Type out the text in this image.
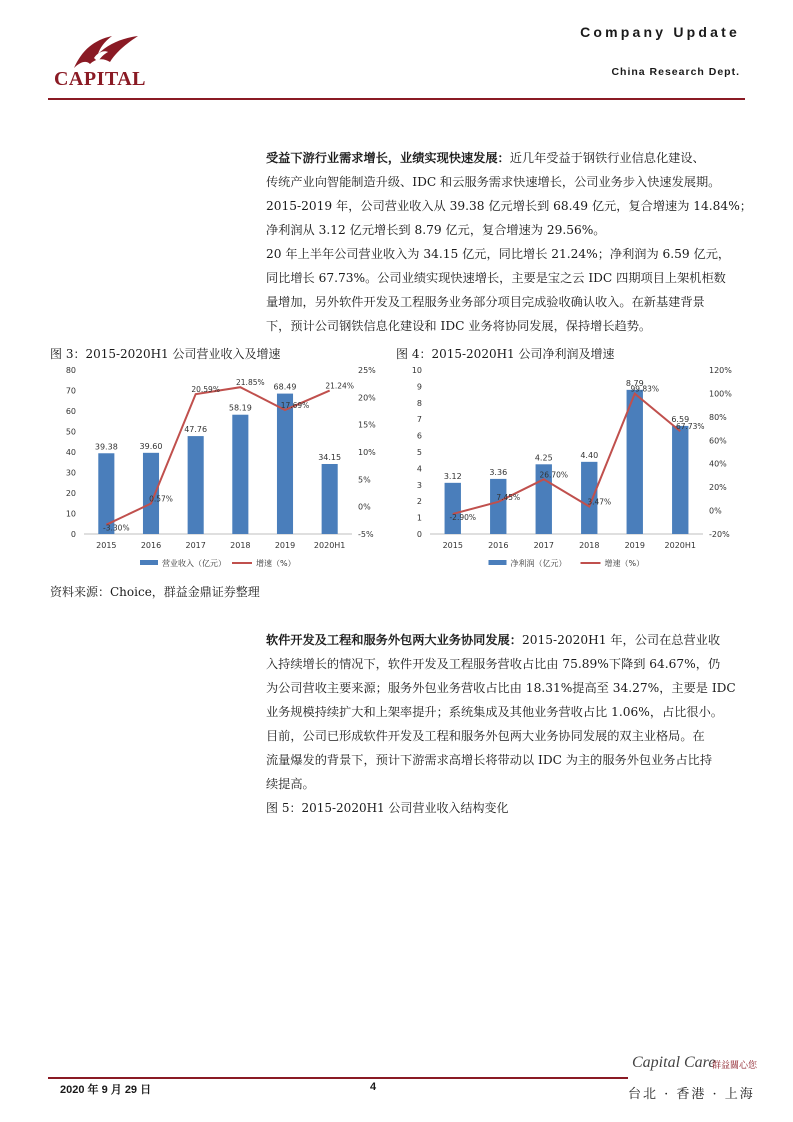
CAPITAL
Company Update
China Research Dept.
受益下游行业需求增长，业绩实现快速发展：近几年受益于钢铁行业信息化建设、
传统产业向智能制造升级、IDC 和云服务需求快速增长，公司业务步入快速发展期。
2015-2019 年，公司营业收入从 39.38 亿元增长到 68.49 亿元，复合增速为 14.84%；
净利润从 3.12 亿元增长到 8.79 亿元，复合增速为 29.56%。
20 年上半年公司营业收入为 34.15 亿元，同比增长 21.24%；净利润为 6.59 亿元，
同比增长 67.73%。公司业绩实现快速增长，主要是宝之云 IDC 四期项目上架机柜数
量增加，另外软件开发及工程服务业务部分项目完成验收确认收入。在新基建背景
下，预计公司钢铁信息化建设和 IDC 业务将协同发展，保持增长趋势。
图 3：2015-2020H1 公司营业收入及增速	图 4：2015-2020H1 公司净利润及增速
0
10
20
30
40
50
60
70
80
-5%
0%
5%
10%
15%
20%
25%
39.38
2015
39.60
2016
47.76
2017
58.19
2018
68.49
2019
34.15
2020H1
-3.30%
0.57%
20.59%
21.85%
17.69%
21.24%
营业收入（亿元）	增速（%）
0
1
2
3
4
5
6
7
8
9
10
-20%
0%
20%
40%
60%
80%
100%
120%
3.12
2015
3.36
2016
4.25
2017
4.40
2018
8.79
2019
6.59
2020H1
-2.90%
7.45%
26.70%
3.47%
99.83%
67.73%
净利润（亿元）	增速（%）
资料来源：Choice，群益金鼎证券整理
软件开发及工程和服务外包两大业务协同发展：2015-2020H1 年，公司在总营业收
入持续增长的情况下，软件开发及工程服务营收占比由 75.89%下降到 64.67%，仍
为公司营收主要来源；服务外包业务营收占比由 18.31%提高至 34.27%，主要是 IDC
业务规模持续扩大和上架率提升；系统集成及其他业务营收占比 1.06%，占比很小。
目前，公司已形成软件开发及工程和服务外包两大业务协同发展的双主业格局。在
流量爆发的背景下，预计下游需求高增长将带动以 IDC 为主的服务外包业务占比持
续提高。
图 5：2015-2020H1 公司营业收入结构变化
Capital Care
群益關心您
2020 年 9 月 29 日	4	台北 · 香港 · 上海
